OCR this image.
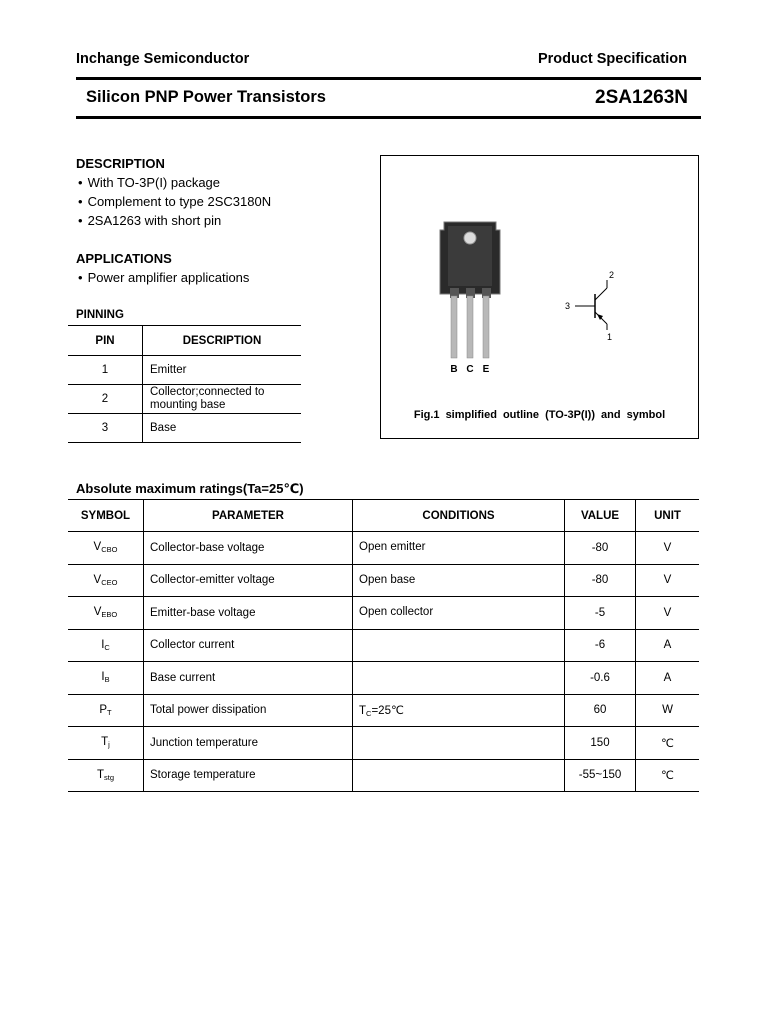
Inchange Semiconductor	Product Specification
Silicon PNP Power Transistors	2SA1263N
DESCRIPTION
• With TO-3P(I) package
• Complement to type 2SC3180N
• 2SA1263 with short pin
APPLICATIONS
• Power amplifier applications
PINNING
PIN	DESCRIPTION
1	Emitter
2	Collector;connected to mounting base
3	Base
B C E
2
3
1
Fig.1 simplified outline (TO-3P(I)) and symbol
Absolute maximum ratings(Ta=25℃)
SYMBOL	PARAMETER	CONDITIONS	VALUE	UNIT
$V_{CBO}$	Collector-base voltage	Open emitter	-80	V
$V_{CEO}$	Collector-emitter voltage	Open base	-80	V
$V_{EBO}$	Emitter-base voltage	Open collector	-5	V
$I_C$	Collector current		-6	A
$I_B$	Base current		-0.6	A
$P_T$	Total power dissipation	$T_C=25℃$	60	W
$T_j$	Junction temperature		150	℃
$T_{stg}$	Storage temperature		-55~150	℃
